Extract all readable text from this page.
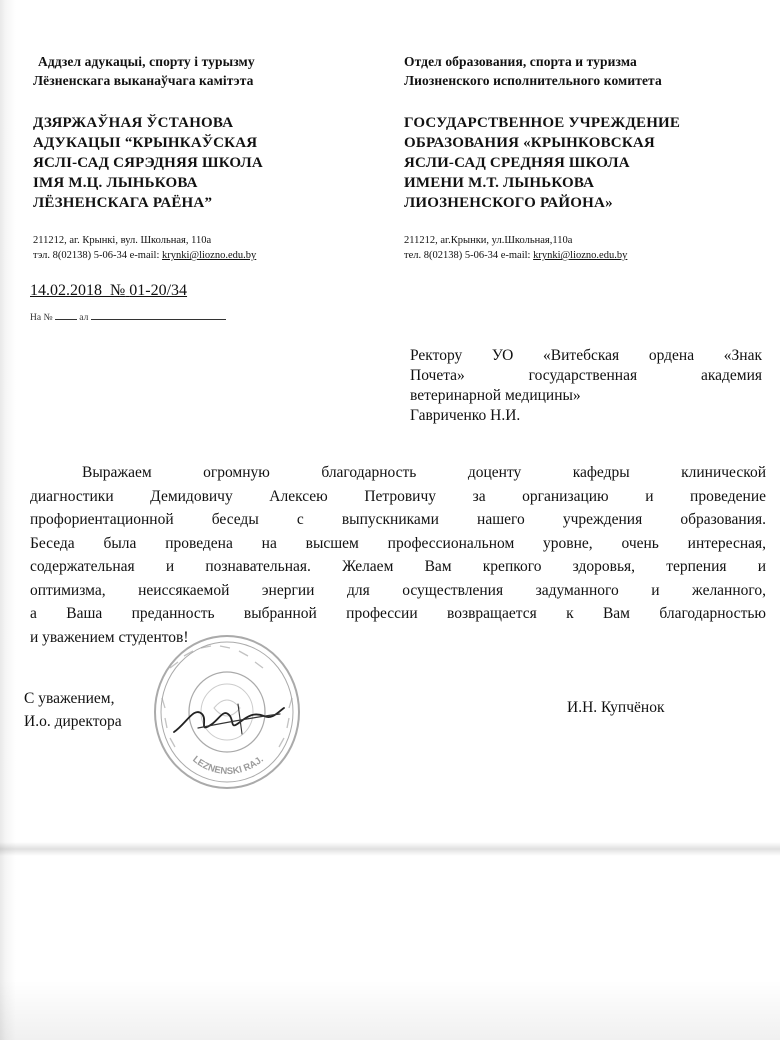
Аддзел адукацыі, спорту і турызму
Лёзненскага выканаўчага камітэта
ДЗЯРЖАЎНАЯ ЎСТАНОВА
АДУКАЦЫІ “КРЫНКАЎСКАЯ
ЯСЛІ-САД СЯРЭДНЯЯ ШКОЛА
ІМЯ М.Ц. ЛЫНЬКОВА
ЛЁЗНЕНСКАГА РАЁНА”
211212, аг. Крынкі, вул. Школьная, 110а
тэл. 8(02138) 5-06-34 e-mail: krynki@liozno.edu.by
Отдел образования, спорта и туризма
Лиозненского исполнительного комитета
ГОСУДАРСТВЕННОЕ УЧРЕЖДЕНИЕ
ОБРАЗОВАНИЯ «КРЫНКОВСКАЯ
ЯСЛИ-САД СРЕДНЯЯ ШКОЛА
ИМЕНИ М.Т. ЛЫНЬКОВА
ЛИОЗНЕНСКОГО РАЙОНА»
211212, аг.Крынки, ул.Школьная,110а
тел. 8(02138) 5-06-34 e-mail: krynki@liozno.edu.by
14.02.2018 № 01-20/34
На №	ал
Ректору УО «Витебская ордена «Знак
Почета» государственная академия
ветеринарной медицины»
Гавриченко Н.И.
Выражаем огромную благодарность доценту кафедры клинической
диагностики Демидовичу Алексею Петровичу за организацию и проведение
профориентационной беседы с выпускниками нашего учреждения образования.
Беседа была проведена на высшем профессиональном уровне, очень интересная,
содержательная и познавательная. Желаем Вам крепкого здоровья, терпения и
оптимизма, неиссякаемой энергии для осуществления задуманного и желанного,
а Ваша преданность выбранной профессии возвращается к Вам благодарностью
и уважением студентов!
LEZNENSKI RAJ.
С уважением,
И.о. директора
И.Н. Купчёнок
